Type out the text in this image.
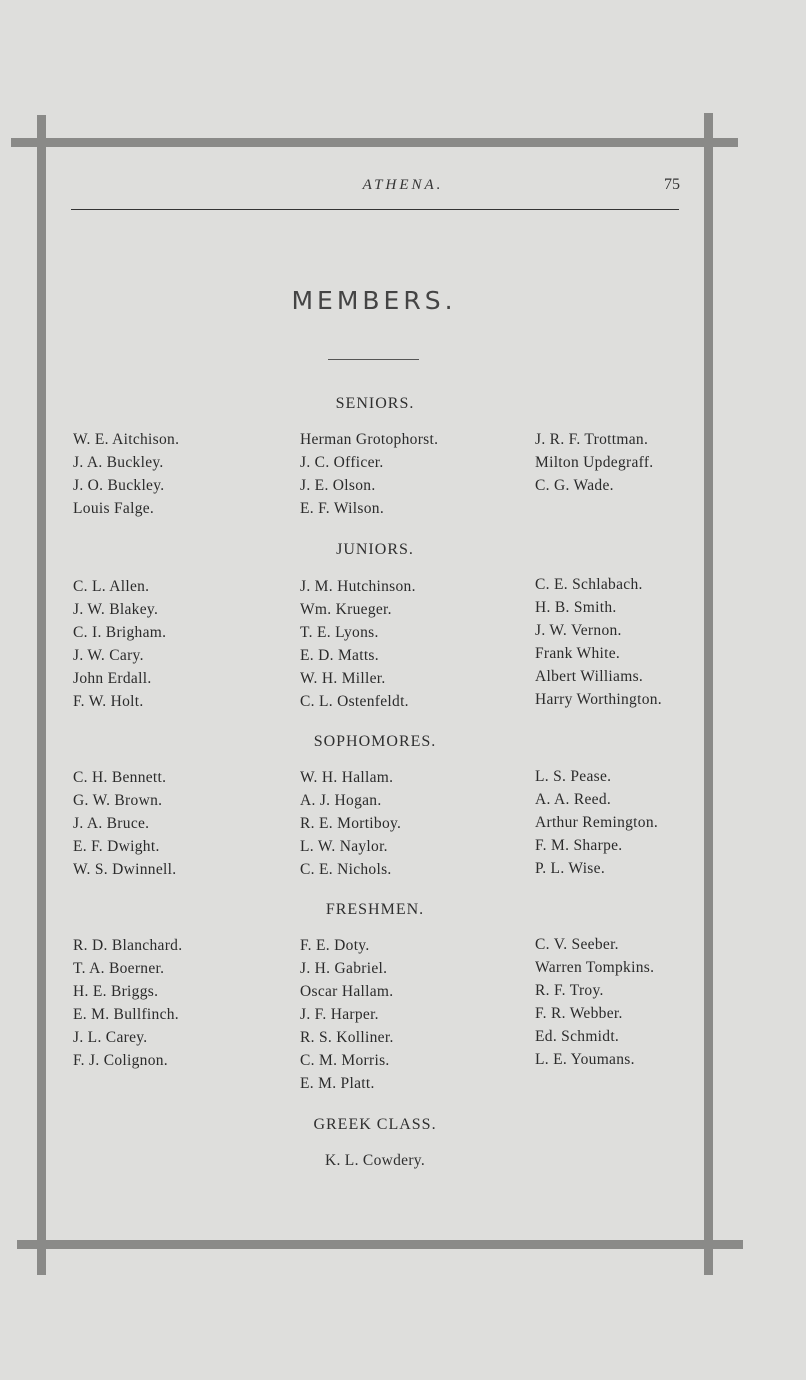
ATHENA.	75
MEMBERS.
SENIORS.
W. E. Aitchison.
J. A. Buckley.
J. O. Buckley.
Louis Falge.
Herman Grotophorst.
J. C. Officer.
J. E. Olson.
E. F. Wilson.
J. R. F. Trottman.
Milton Updegraff.
C. G. Wade.
JUNIORS.
C. L. Allen.
J. W. Blakey.
C. I. Brigham.
J. W. Cary.
John Erdall.
F. W. Holt.
J. M. Hutchinson.
Wm. Krueger.
T. E. Lyons.
E. D. Matts.
W. H. Miller.
C. L. Ostenfeldt.
C. E. Schlabach.
H. B. Smith.
J. W. Vernon.
Frank White.
Albert Williams.
Harry Worthington.
SOPHOMORES.
C. H. Bennett.
G. W. Brown.
J. A. Bruce.
E. F. Dwight.
W. S. Dwinnell.
W. H. Hallam.
A. J. Hogan.
R. E. Mortiboy.
L. W. Naylor.
C. E. Nichols.
L. S. Pease.
A. A. Reed.
Arthur Remington.
F. M. Sharpe.
P. L. Wise.
FRESHMEN.
R. D. Blanchard.
T. A. Boerner.
H. E. Briggs.
E. M. Bullfinch.
J. L. Carey.
F. J. Colignon.
F. E. Doty.
J. H. Gabriel.
Oscar Hallam.
J. F. Harper.
R. S. Kolliner.
C. M. Morris.
E. M. Platt.
C. V. Seeber.
Warren Tompkins.
R. F. Troy.
F. R. Webber.
Ed. Schmidt.
L. E. Youmans.
GREEK CLASS.
K. L. Cowdery.
